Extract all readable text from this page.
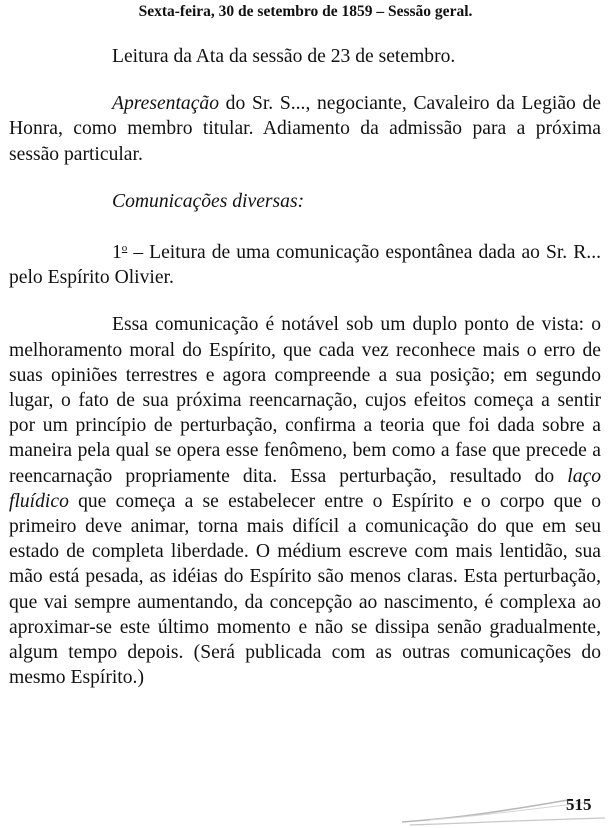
Sexta-feira, 30 de setembro de 1859 – Sessão geral.

Leitura da Ata da sessão de 23 de setembro.

Apresentação do Sr. S..., negociante, Cavaleiro da Legião de Honra, como membro titular. Adiamento da admissão para a próxima sessão particular.

Comunicações diversas:

1$^o$ – Leitura de uma comunicação espontânea dada ao Sr. R... pelo Espírito Olivier.

Essa comunicação é notável sob um duplo ponto de vista: o melhoramento moral do Espírito, que cada vez reconhece mais o erro de suas opiniões terrestres e agora compreende a sua posição; em segundo lugar, o fato de sua próxima reencarnação, cujos efeitos começa a sentir por um princípio de perturbação, confirma a teoria que foi dada sobre a maneira pela qual se opera esse fenômeno, bem como a fase que precede a reencarnação propriamente dita. Essa perturbação, resultado do laço fluídico que começa a se estabelecer entre o Espírito e o corpo que o primeiro deve animar, torna mais difícil a comunicação do que em seu estado de completa liberdade. O médium escreve com mais lentidão, sua mão está pesada, as idéias do Espírito são menos claras. Esta perturbação, que vai sempre aumentando, da concepção ao nascimento, é complexa ao aproximar-se este último momento e não se dissipa senão gradualmente, algum tempo depois. (Será publicada com as outras comunicações do mesmo Espírito.)

515
